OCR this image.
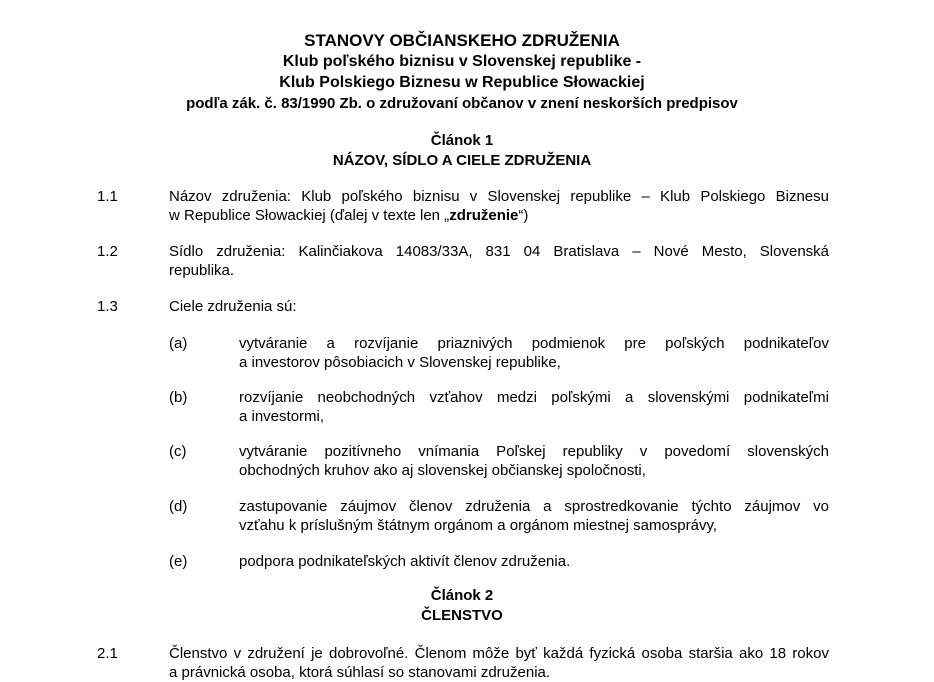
STANOVY OBČIANSKEHO ZDRUŽENIA
Klub poľského biznisu v Slovenskej republike -
Klub Polskiego Biznesu w Republice Słowackiej
podľa zák. č. 83/1990 Zb. o združovaní občanov v znení neskorších predpisov
Článok 1
NÁZOV, SÍDLO A CIELE ZDRUŽENIA
1.1	Názov združenia: Klub poľského biznisu v Slovenskej republike – Klub Polskiego Biznesu
w Republice Słowackiej (ďalej v texte len „združenie“)
1.2	Sídlo združenia: Kalinčiakova 14083/33A, 831 04 Bratislava – Nové Mesto, Slovenská
republika.
1.3	Ciele združenia sú:
(a)	vytváranie a rozvíjanie priaznivých podmienok pre poľských podnikateľov
a investorov pôsobiacich v Slovenskej republike,
(b)	rozvíjanie neobchodných vzťahov medzi poľskými a slovenskými podnikateľmi
a investormi,
(c)	vytváranie pozitívneho vnímania Poľskej republiky v povedomí slovenských
obchodných kruhov ako aj slovenskej občianskej spoločnosti,
(d)	zastupovanie záujmov členov združenia a sprostredkovanie týchto záujmov vo
vzťahu k príslušným štátnym orgánom a orgánom miestnej samosprávy,
(e)	podpora podnikateľských aktivít členov združenia.
Článok 2
ČLENSTVO
2.1	Členstvo v združení je dobrovoľné. Členom môže byť každá fyzická osoba staršia ako 18 rokov
a právnická osoba, ktorá súhlasí so stanovami združenia.
